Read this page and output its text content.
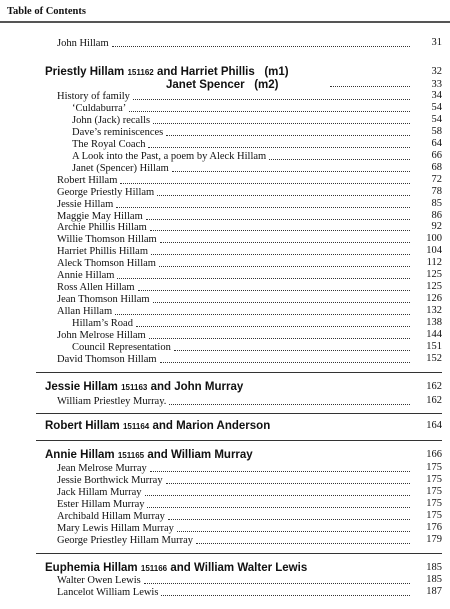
Table of Contents
John Hillam	31
Priestly Hillam 151162 and Harriet Phillis (m1)	32
Janet Spencer (m2)	33
History of family	34
‘Culdaburra’	54
John (Jack) recalls	54
Dave’s reminiscences	58
The Royal Coach	64
A Look into the Past, a poem by Aleck Hillam	66
Janet (Spencer) Hillam	68
Robert Hillam	72
George Priestly Hillam	78
Jessie Hillam	85
Maggie May Hillam	86
Archie Phillis Hillam	92
Willie Thomson Hillam	100
Harriet Phillis Hillam	104
Aleck Thomson Hillam	112
Annie Hillam	125
Ross Allen Hillam	125
Jean Thomson Hillam	126
Allan Hillam	132
Hillam’s Road	138
John Melrose Hillam	144
Council Representation	151
David Thomson Hillam	152
Jessie Hillam 151163 and John Murray	162
William Priestley Murray.	162
Robert Hillam 151164 and Marion Anderson	164
Annie Hillam 151165 and William Murray	166
Jean Melrose Murray	175
Jessie Borthwick Murray	175
Jack Hillam Murray	175
Ester Hillam Murray	175
Archibald Hillam Murray	175
Mary Lewis Hillam Murray	176
George Priestley Hillam Murray	179
Euphemia Hillam 151166 and William Walter Lewis	185
Walter Owen Lewis	185
Lancelot William Lewis	187
